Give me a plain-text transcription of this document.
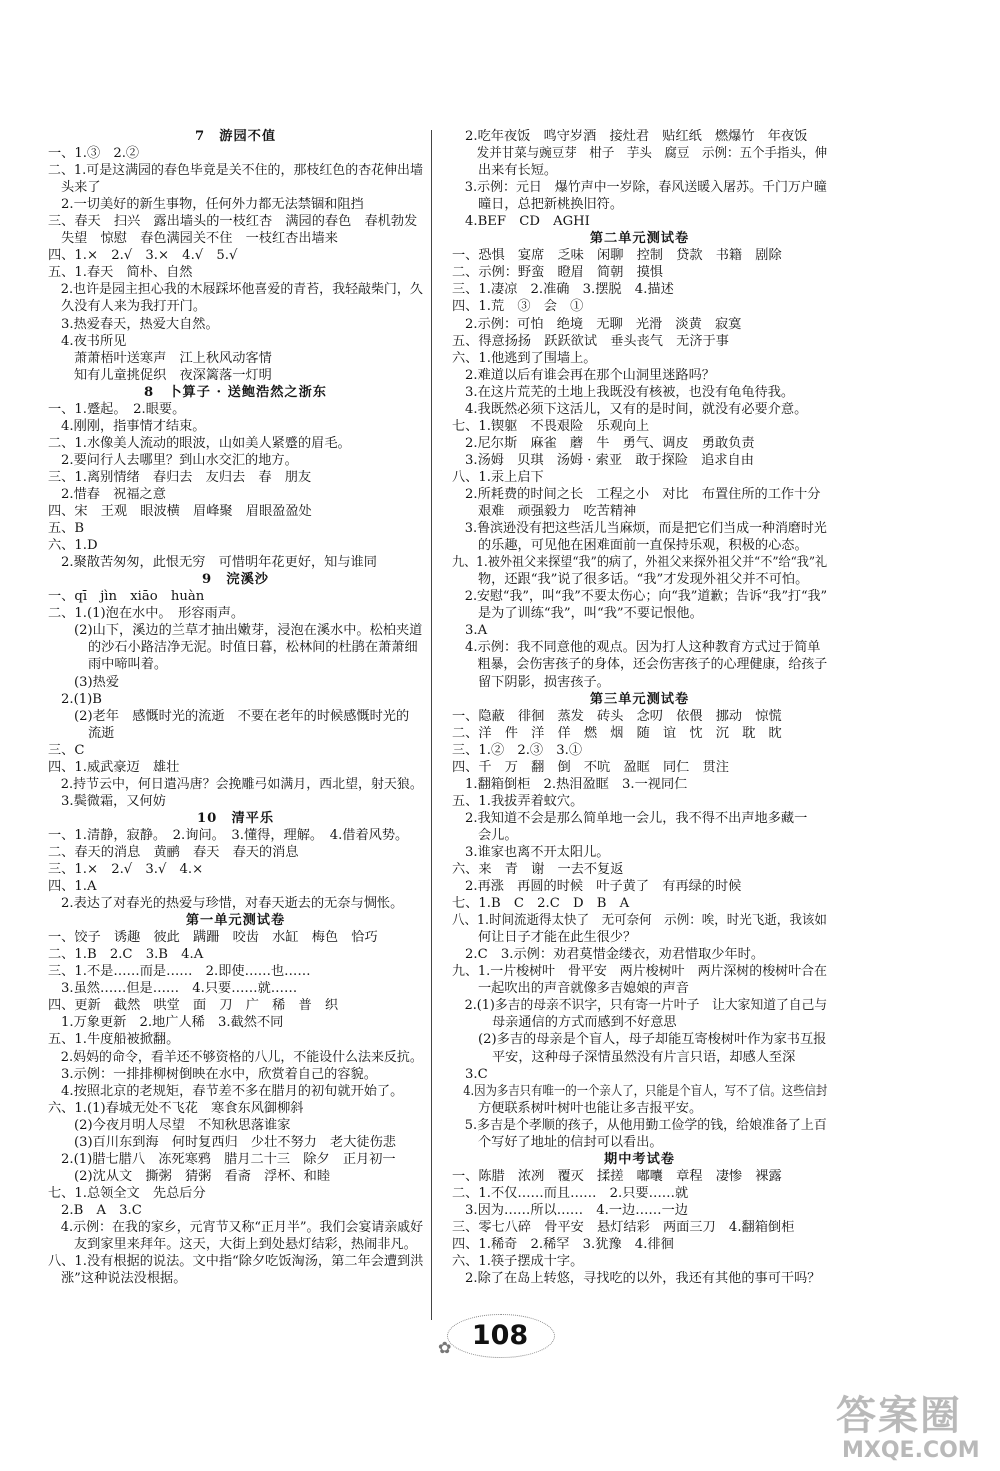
7　游园不值
一、1.③　2.②
二、1.可是这满园的春色毕竟是关不住的，那枝红色的杏花伸出墙
头来了
2.一切美好的新生事物，任何外力都无法禁锢和阻挡
三、春天　扫兴　露出墙头的一枝红杏　满园的春色　春机勃发
失望　惊慰　春色满园关不住　一枝红杏出墙来
四、1.×　2.√　3.×　4.√　5.√
五、1.春天　简朴、自然
2.也许是园主担心我的木屐踩坏他喜爱的青苔，我轻敲柴门，久
久没有人来为我打开门。
3.热爱春天，热爱大自然。
4.夜书所见
萧萧梧叶送寒声　江上秋风动客情
知有儿童挑促织　夜深篱落一灯明
8　卜算子 · 送鲍浩然之浙东
一、1.蹙起。　2.眼要。
4.刚刚，指事情才结束。
二、1.水像美人流动的眼波，山如美人紧蹙的眉毛。
2.要问行人去哪里？到山水交汇的地方。
三、1.离别情绪　春归去　友归去　春　朋友
2.惜春　祝福之意
四、宋　王观　眼波横　眉峰聚　眉眼盈盈处
五、B
六、1.D
2.聚散苦匆匆，此恨无穷　可惜明年花更好，知与谁同
9　浣溪沙
一、qī　jìn　xiāo　huàn
二、1.(1)泡在水中。　形容雨声。
(2)山下，溪边的兰草才抽出嫩芽，浸泡在溪水中。松柏夹道
的沙石小路洁净无泥。时值日暮，松林间的杜鹃在萧萧细
雨中啼叫着。
(3)热爱
2.(1)B
(2)老年　感慨时光的流逝　不要在老年的时候感慨时光的
流逝
三、C
四、1.威武豪迈　雄壮
2.持节云中，何日遣冯唐？会挽雕弓如满月，西北望，射天狼。
3.鬓微霜，又何妨
10　清平乐
一、1.清静，寂静。　2.询问。　3.懂得，理解。　4.借着风势。
二、春天的消息　黄鹂　春天　春天的消息
三、1.×　2.√　3.√　4.×
四、1.A
2.表达了对春光的热爱与珍惜，对春天逝去的无奈与惆怅。
第一单元测试卷
一、饺子　诱趣　彼此　蹒跚　咬齿　水缸　梅色　恰巧
二、1.B　2.C　3.B　4.A
三、1.不是……而是……　2.即使……也……
3.虽然……但是……　4.只要……就……
四、更新　截然　哄堂　面　刀　广　稀　普　织
1.万象更新　2.地广人稀　3.截然不同
五、1.牛度船被掀翻。
2.妈妈的命令，看羊还不够资格的八儿，不能设什么法来反抗。
3.示例：一排排柳树倒映在水中，欣赏着自己的容貌。
4.按照北京的老规矩，春节差不多在腊月的初旬就开始了。
六、1.(1)春城无处不飞花　寒食东风御柳斜
(2)今夜月明人尽望　不知秋思落谁家
(3)百川东到海　何时复西归　少壮不努力　老大徒伤悲
2.(1)腊七腊八　冻死寒鸦　腊月二十三　除夕　正月初一
(2)沈从文　撕粥　猜粥　看斋　浮杯、和睦
七、1.总领全文　先总后分
2.B　A　3.C
4.示例：在我的家乡，元宵节又称“正月半”。我们会宴请亲戚好
友到家里来拜年。这天，大街上到处悬灯结彩，热闹非凡。
八、1.没有根据的说法。文中指“除夕吃饭淘汤，第二年会遭到洪
涨”这种说法没根据。
2.吃年夜饭　鸣守岁酒　接灶君　贴红纸　燃爆竹　年夜饭
发并甘菜与豌豆芽　柑子　芋头　腐豆　示例：五个手指头，伸
出来有长短。
3.示例：元日　爆竹声中一岁除，春风送暖入屠苏。千门万户曈
曈日，总把新桃换旧符。
4.BEF　CD　AGHI
第二单元测试卷
一、恐惧　宴席　乏味　闲聊　控制　贷款　书籍　剧除
二、示例：野蛮　瞪眉　简朝　摸惧
三、1.凄凉　2.准确　3.摆脱　4.描述
四、1.荒　③　会　①
2.示例：可怕　绝境　无聊　光滑　淡黄　寂寞
五、得意扬扬　跃跃欲试　垂头丧气　无济于事
六、1.他逃到了围墙上。
2.难道以后有谁会再在那个山洞里迷路吗？
3.在这片荒芜的土地上我既没有核被，也没有龟龟待我。
4.我既然必须下这活儿，又有的是时间，就没有必要介意。
七、1.锲躯　不畏艰险　乐观向上
2.尼尔斯　麻雀　蘑　牛　勇气、调皮　勇敢负责
3.汤姆　贝琪　汤姆 · 索亚　敢于探险　追求自由
八、1.汞上启下
2.所耗费的时间之长　工程之小　对比　布置住所的工作十分
艰难　顽强毅力　吃苦精神
3.鲁滨逊没有把这些活儿当麻烦，而是把它们当成一种消磨时光
的乐趣，可见他在困难面前一直保持乐观，积极的心态。
九、1.被外祖父来探望“我”的病了，外祖父来探外祖父并“不”给“我”礼
物，还跟“我”说了很多话。“我”才发现外祖父并不可怕。
2.安慰“我”，叫“我”不要太伤心；向“我”道歉；告诉“我”打“我”
是为了训练“我”，叫“我”不要记恨他。
3.A
4.示例：我不同意他的观点。因为打人这种教育方式过于简单
粗暴，会伤害孩子的身体，还会伤害孩子的心理健康，给孩子
留下阴影，损害孩子。
第三单元测试卷
一、隐蔽　徘徊　蒸发　砖头　念叨　依偎　挪动　惊慌
二、洋　件　洋　佯　燃　烟　随　谊　忱　沉　耽　眈
三、1.②　2.③　3.①
四、千　万　翻　倒　不吭　盈眶　同仁　贯注
1.翻箱倒柜　2.热泪盈眶　3.一视同仁
五、1.我拔弄着蚊穴。
2.我知道不会是那么简单地一会儿，我不得不出声地多藏一
会儿。
3.谁家也离不开太阳儿。
六、来　青　谢　一去不复返
2.再涨　再圆的时候　叶子黄了　有再绿的时候
七、1.B　C　2.C　D　B　A
八、1.时间流逝得太快了　无可奈何　示例：唉，时光飞逝，我该如
何让日子才能在此生很少？
2.C　3.示例：劝君莫惜金缕衣，劝君惜取少年时。
九、1.一片梭树叶　骨平安　两片梭树叶　两片深树的梭树叶合在
一起吹出的声音就像多吉媳娘的声音
2.(1)多吉的母亲不识字，只有寄一片叶子　让大家知道了自己与
母亲通信的方式而感到不好意思
(2)多吉的母亲是个盲人，母子却能互寄梭树叶作为家书互报
平安，这种母子深情虽然没有片言只语，却感人至深
3.C
4.因为多吉只有唯一的一个亲人了，只能是个盲人，写不了信。这些信封
方便联系树叶树叶也能让多吉报平安。
5.多吉是个孝顺的孩子，从他用勤工俭学的钱，给娘准备了上百
个写好了地址的信封可以看出。
期中考试卷
一、陈腊　浓冽　覆灭　揉搓　嘟囔　章程　凄惨　裸露
二、1.不仅……而且……　2.只要……就
3.因为……所以……　4.一边……一边
三、零七八碎　骨平安　悬灯结彩　两面三刀　4.翻箱倒柜
四、1.稀奇　2.稀罕　3.犹豫　4.徘徊
六、1.筷子摆成十字。
2.除了在岛上转悠，寻找吃的以外，我还有其他的事可干吗？
✿ 108
答案圈
MXQE.COM
